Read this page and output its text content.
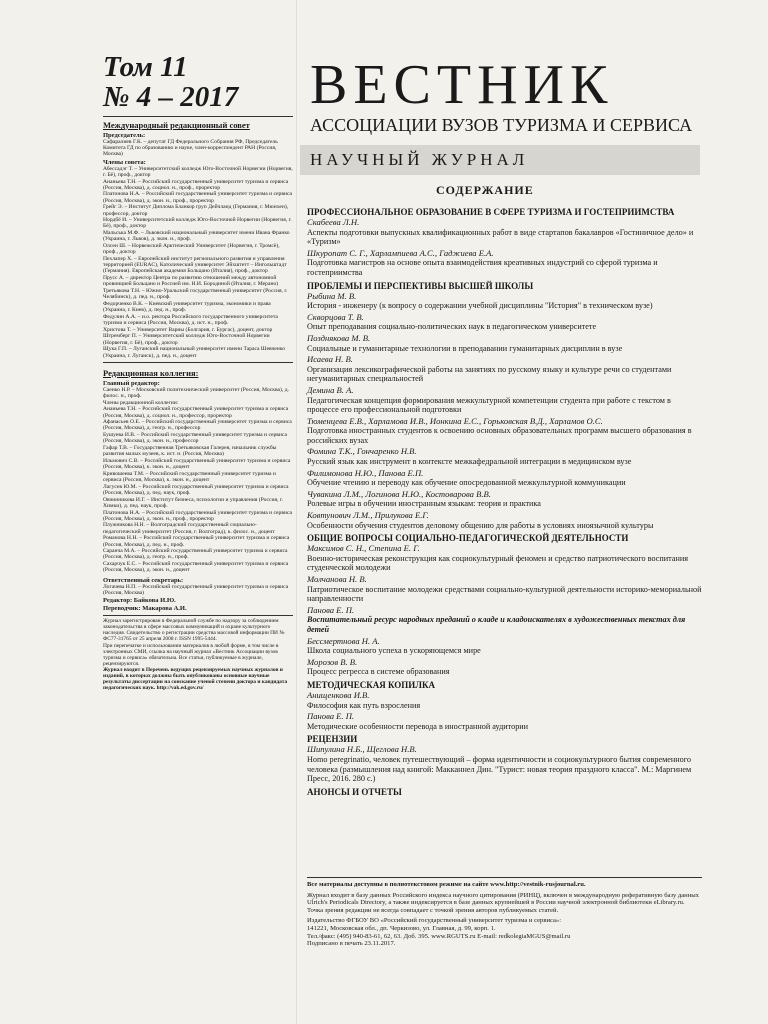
Том 11

№ 4 – 2017

Международный редакционный совет

Председатель:

Сафаралиев Г.К. – депутат ГД Федерального Собрания РФ, Председатель Комитета ГД по образованию и науке, член-корреспондент РАН (Россия, Москва)

Члены совета:

Абессадэг Т. – Университетский колледж Юго-Восточной Норвегии (Норвегия, г. Бё), проф., доктор

Ананьева Т.Н. – Российский государственный университет туризма и сервиса (Россия, Москва), д. социол. н., проф., проректор

Платонова Н.А. – Российский государственный университет туризма и сервиса (Россия, Москва), д. экон. н., проф., проректор

Грейг Э. – Институт Диплома Бланкор груп Дейчланд (Германия, г. Мюнхен), профессор, доктор

Нордбё И. – Университетский колледж Юго-Восточной Норвегии (Норвегия, г. Бё), проф., доктор

Мальська М.Ф. – Львовский национальный университет имени Ивана Франко (Украина, г. Львов), д. экон. н., проф.

Олсен Ш. – Норвежский Арктический Университет (Норвегия, г. Тромсё), проф., доктор

Пехлапер Х. – Европейский институт регионального развития и управления территорией (EURAC), Католический университет Эйхштетт – Ингольштадт (Германия). Европейская академия Больцано (Италия), проф., доктор

Прусс А. – директор Центра по развитию отношений между автономной провинцией Больцано и Россией им. Н.И. Бородиной (Италия, г. Мерано)

Третьякова Т.Н. – Южно-Уральский государственный университет (Россия, г. Челябинск), д. пед. н., проф.

Федорченко В.К. – Киевский университет туризма, экономики и права (Украина, г. Киев), д. пед. н., проф.

Федулин А.А. – и.о. ректора Российского государственного университета туризма и сервиса (Россия, Москва), д. ист. н., проф.

Христова Т. – Университет Варны (Болгария, г. Бургас), доцент, доктор

Штремберг П. – Университетский колледж Юго-Восточной Норвегии (Норвегия, г. Бё), проф., доктор

Щука Г.П. – Луганский национальный университет имени Тараса Шевченко (Украина, г. Луганск), д. пед. н., доцент

Редакционная коллегия:

Главный редактор:

Саенко Н.Р. – Московский политехнический университет (Россия, Москва), д. филос. н., проф.

Члены редакционной коллегии:

Ананьева Т.Н. – Российский государственный университет туризма и сервиса (Россия, Москва), д. социол. н., профессор, проректор

Афанасьев О.Е. – Российский государственный университет туризма и сервиса (Россия, Москва), д. геогр. н., профессор

Бушуева И.В. – Российский государственный университет туризма и сервиса (Россия, Москва), д. экон. н., профессор

Гафар Т.В. – Государственная Третьяковская Галерея, начальник службы развития малых музеев, к. ист. н. (Россия, Москва)

Ильмович С.В. – Российский государственный университет туризма и сервиса (Россия, Москва), к. экон. н., доцент

Кривошеева Т.М. – Российский государственный университет туризма и сервиса (Россия, Москва), к. экон. н., доцент

Лагусев Ю.М. – Российский государственный университет туризма и сервиса (Россия, Москва), д. пед. наук, проф.

Овчинникова И.Г. – Институт бизнеса, психологии и управления (Россия, г. Химки), д. пед. наук, проф.

Платонова Н.А. – Российский государственный университет туризма и сервиса (Россия, Москва), д. экон. н., проф., проректор

Плужникова Н.Н. – Волгоградский государственный социально-педагогический университет (Россия, г. Волгоград), к. филос. н., доцент

Романова Н.Н. – Российский государственный университет туризма и сервиса (Россия, Москва), д. пед. н., проф.

Саранча М.А. – Российский государственный университет туризма и сервиса (Россия, Москва), д. геогр. н., проф.

Сахарчук Е.С. – Российский государственный университет туризма и сервиса (Россия, Москва), д. экон. н., доцент

Ответственный секретарь:

Логачева Н.П. – Российский государственный университет туризма и сервиса (Россия, Москва)

Редактор: Байкова И.Ю.

Переводчик: Макарова А.И.

Журнал зарегистрирован в Федеральной службе по надзору за соблюдением законодательства в сфере массовых коммуникаций и охране культурного наследия. Свидетельство о регистрации средства массовой информации ПИ № ФС77-31765 от 25 апреля 2008 г. ISSN 1995-5444.

При перепечатке и использовании материалов в любой форме, в том числе в электронных СМИ, ссылка на научный журнал «Вестник Ассоциации вузов туризма и сервиса» обязательна. Все статьи, публикуемые в журнале, рецензируются.

Журнал входит в Перечень ведущих рецензируемых научных журналов и изданий, в которых должны быть опубликованы основные научные результаты диссертации на соискание ученой степени доктора и кандидата педагогических наук. http://vak.ed.gov.ru/

ВЕСТНИК

АССОЦИАЦИИ ВУЗОВ ТУРИЗМА И СЕРВИСА

НАУЧНЫЙ ЖУРНАЛ

СОДЕРЖАНИЕ

ПРОФЕССИОНАЛЬНОЕ ОБРАЗОВАНИЕ В СФЕРЕ ТУРИЗМА И ГОСТЕПРИИМСТВА

Скабеева Л.Н.

Аспекты подготовки выпускных квалификационных работ в виде стартапов бакалавров «Гостиничное дело» и «Туризм»

Шкуропат С. Г., Харлампиева А.С., Гаджиева Е.А.

Подготовка магистров на основе опыта взаимодействия креативных индустрий со сферой туризма и гостеприимства

ПРОБЛЕМЫ И ПЕРСПЕКТИВЫ ВЫСШЕЙ ШКОЛЫ

Рыбина М. В.

История - инженеру (к вопросу о содержании учебной дисциплины "История" в техническом вузе)

Скворцова Т. В.

Опыт преподавания социально-политических наук в педагогическом университете

Позднякова М. В.

Социальные и гуманитарные технологии в преподавании гуманитарных дисциплин в вузе

Исаева Н. В.

Организация лексикографической работы на занятиях по русскому языку и культуре речи со студентами негуманитарных специальностей

Демина В. А.

Педагогическая концепция формирования межкультурной компетенции студента при работе с текстом в процессе его профессиональной подготовки

Тюменцева Е.В., Харламова И.В., Ионкина Е.С., Горьковская В.Д., Харламов О.С.

Подготовка иностранных студентов к освоению основных образовательных программ высшего образования в российских вузах

Фомина Т.К., Гончаренко Н.В.

Русский язык как инструмент в контексте межкафедральной интеграции в медицинском вузе

Филимонова Н.Ю., Панова Е.П.

Обучение чтению и переводу как обучение опосредованной межкультурной коммуникации

Чувакина Л.М., Логинова Н.Ю., Костоварова В.В.

Ролевые игры в обучении иностранным языкам: теория и практика

Ковтунович Л.М., Прилукова Е.Г.

Особенности обучения студентов деловому общению для работы в условиях иноязычной культуры

ОБЩИЕ ВОПРОСЫ СОЦИАЛЬНО-ПЕДАГОГИЧЕСКОЙ ДЕЯТЕЛЬНОСТИ

Максимов С. Н., Степина Е. Г.

Военно-историческая реконструкция как социокультурный феномен и средство патриотического воспитания студенческой молодежи

Молчанова Н. В.

Патриотическое воспитание молодежи средствами социально-культурной деятельности историко-мемориальной направленности

Панова Е. П.

Воспитательный ресурс народных преданий о кладе и кладоискателях в художественных текстах для детей

Бессмертнова Н. А.

Школа социального успеха в ускоряющемся мире

Морозов В. В.

Процесс регресса в системе образования

МЕТОДИЧЕСКАЯ КОПИЛКА

Анищенкова И.В.

Философия как путь взросления

Панова Е. П.

Методические особенности перевода в иностранной аудитории

РЕЦЕНЗИИ

Шипулина Н.Б., Щеглова Н.В.

Homo peregrinatio, человек путешествующий – форма идентичности и социокультурного бытия современного человека (размышления над книгой: Макканнел Дин. "Турист: новая теория праздного класса". М.: Маргинем Пресс, 2016. 280 с.)

АНОНСЫ И ОТЧЕТЫ

Все материалы доступны в полнотекстовом режиме на сайте www.http://vestnik-rusjournal.ru.

Журнал входит в базу данных Российского индекса научного цитирования (РИНЦ), включен в международную реферативную базу данных Ulrich's Periodicals Directory, а также индексируется в базе данных крупнейшей в России научной электронной библиотеки eLibrary.ru. Точка зрения редакции не всегда совпадает с точкой зрения авторов публикуемых статей.

Издательство ФГБОУ ВО «Российский государственный университет туризма и сервиса»:

141221, Московская обл., дп. Черкизово, ул. Главная, д. 99, корп. 1.

Тел./факс: (495) 940-83-61, 62, 63. Доб. 395. www.RGUTS.ru E-mail: redkolegiaMGUS@mail.ru

Подписано в печать 23.11.2017.
